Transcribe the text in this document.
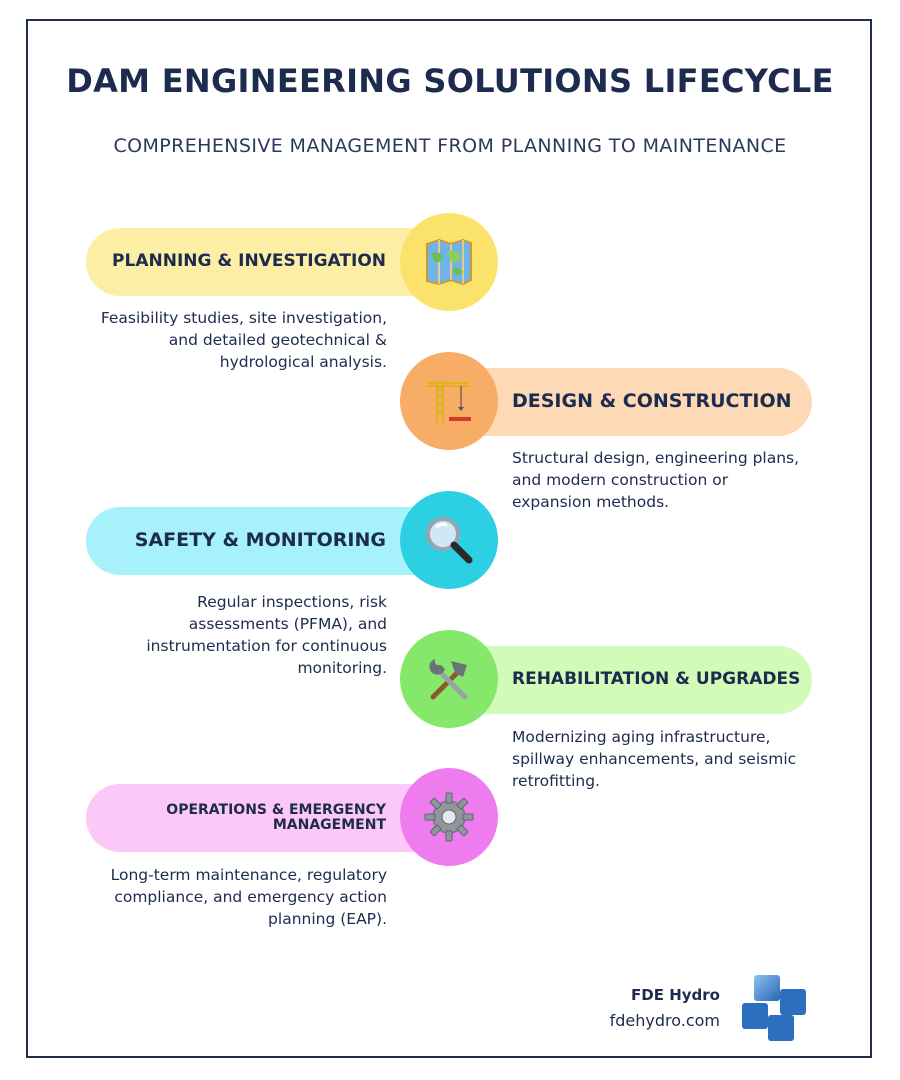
DAM ENGINEERING SOLUTIONS LIFECYCLE

COMPREHENSIVE MANAGEMENT FROM PLANNING TO MAINTENANCE

PLANNING & INVESTIGATION

Feasibility studies, site investigation, and detailed geotechnical & hydrological analysis.

DESIGN & CONSTRUCTION

Structural design, engineering plans, and modern construction or expansion methods.

SAFETY & MONITORING

Regular inspections, risk assessments (PFMA), and instrumentation for continuous monitoring.

REHABILITATION & UPGRADES

Modernizing aging infrastructure, spillway enhancements, and seismic retrofitting.

OPERATIONS & EMERGENCY MANAGEMENT

Long-term maintenance, regulatory compliance, and emergency action planning (EAP).

FDE Hydro
fdehydro.com
